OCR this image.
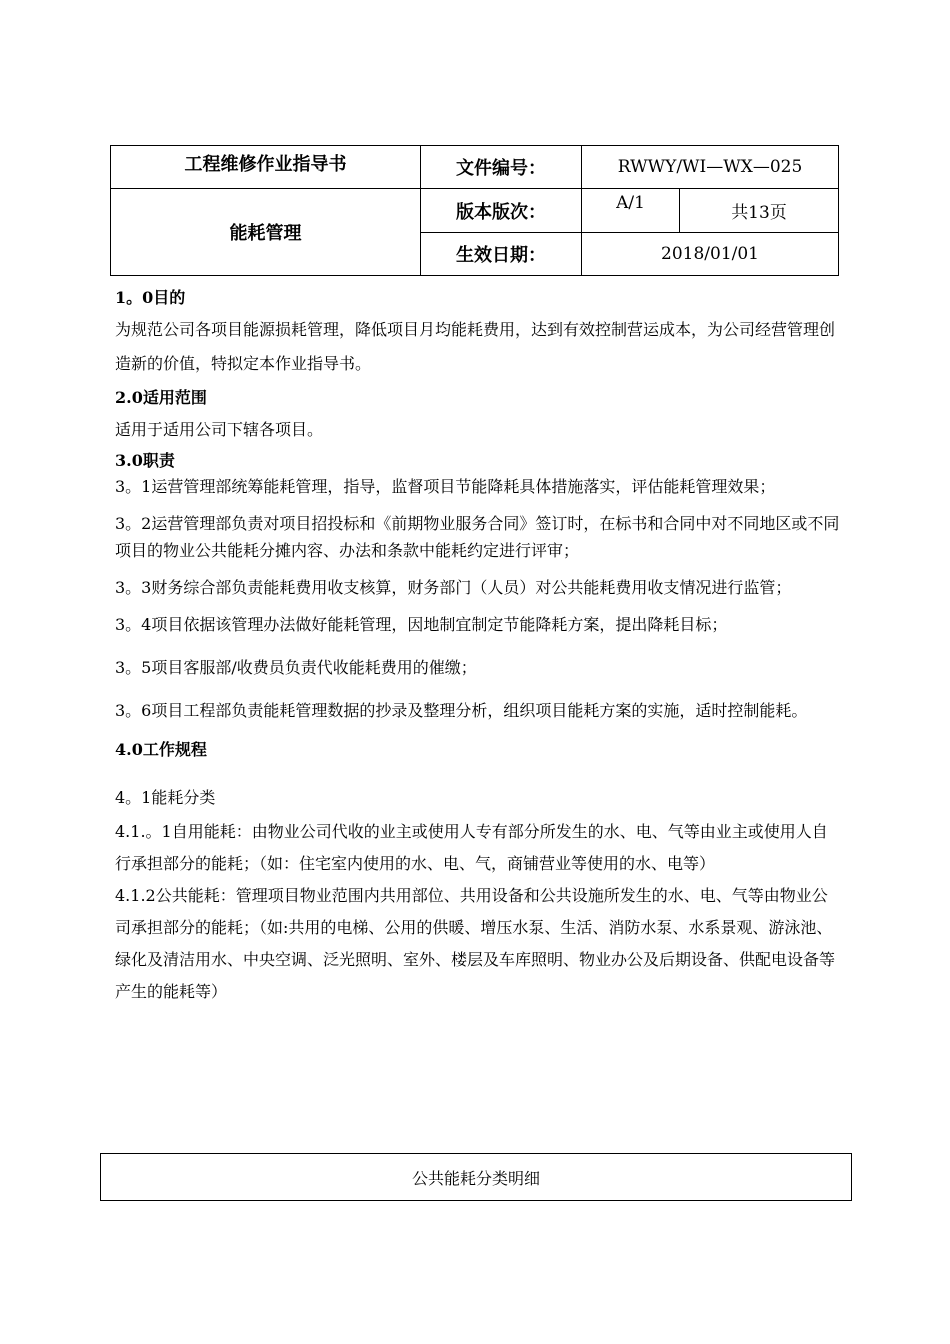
工程维修作业指导书	文件编号：	RWWY/WI—WX—025	
能耗管理	版本版次：	A/1	共13页
	生效日期：	2018/01/01	

1。0目的

为规范公司各项目能源损耗管理，降低项目月均能耗费用，达到有效控制营运成本，为公司经营管理创造新的价值，特拟定本作业指导书。

2.0适用范围

适用于适用公司下辖各项目。

3.0职责

3。1运营管理部统筹能耗管理，指导，监督项目节能降耗具体措施落实，评估能耗管理效果；

3。2运营管理部负责对项目招投标和《前期物业服务合同》签订时，在标书和合同中对不同地区或不同项目的物业公共能耗分摊内容、办法和条款中能耗约定进行评审；

3。3财务综合部负责能耗费用收支核算，财务部门（人员）对公共能耗费用收支情况进行监管；

3。4项目依据该管理办法做好能耗管理，因地制宜制定节能降耗方案，提出降耗目标；

3。5项目客服部/收费员负责代收能耗费用的催缴；

3。6项目工程部负责能耗管理数据的抄录及整理分析，组织项目能耗方案的实施，适时控制能耗。

4.0工作规程

4。1能耗分类

4.1.。1自用能耗：由物业公司代收的业主或使用人专有部分所发生的水、电、气等由业主或使用人自行承担部分的能耗；（如：住宅室内使用的水、电、气，商铺营业等使用的水、电等）

4.1.2公共能耗：管理项目物业范围内共用部位、共用设备和公共设施所发生的水、电、气等由物业公司承担部分的能耗；（如:共用的电梯、公用的供暖、增压水泵、生活、消防水泵、水系景观、游泳池、绿化及清洁用水、中央空调、泛光照明、室外、楼层及车库照明、物业办公及后期设备、供配电设备等产生的能耗等）

公共能耗分类明细
